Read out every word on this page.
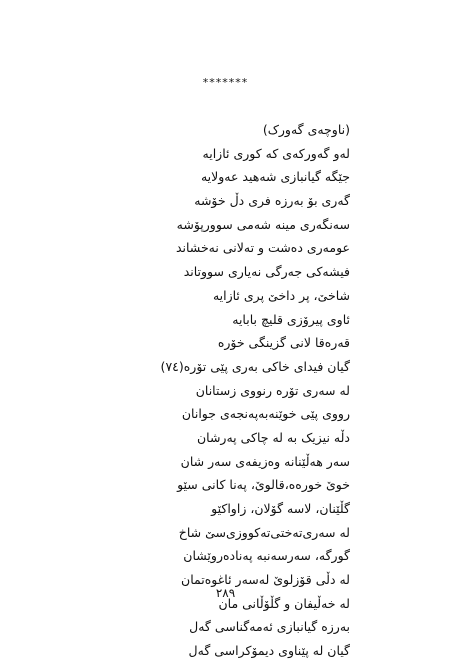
*******
(ناوچەی گەورک)
لەو گەورکەی کە کوری ئازایە
جێگە گیانبازی شەهید عەولایە
گەری بۆ بەرزە فری دڵ خۆشە
سەنگەری مینە شەمی سوورپۆشە
عومەری دەشت و تەلانی نەخشاند
فیشەکی جەرگی نەیاری سووتاند
شاخێ، پر داخێ پری ئازایە
ئاوی پیرۆزی قلیچ بابایە
قەرەقا لانی گزینگی خۆرە
گیان فیدای خاکی بەری پێی تۆرە(٧٤)
لە سەری تۆرە رنووی زستانان
رووی پێی خوێنەبەپەنجەی جوانان
دڵە نیزیک بە لە چاکی پەرشان
سەر هەڵێنانە وەزیفەی سەر شان
خوێ خورەە،قالوێ، پەنا کانی سێو
گڵێنان، لاسە گۆلان، زاواکێو
لە سەری‌تەختی‌تەکووزی‌سێ شاخ
گورگە، سەرسەنبە پەنادەروێشان
لە دڵی قۆزلوێ لەسەر ئاغوەتمان
لە خەڵیفان و گڵۆڵانی مان
بەرزە گیانبازی ئەمەگناسی گەل
گیان لە پێناوی دیمۆکراسی گەل
٢٨٩
